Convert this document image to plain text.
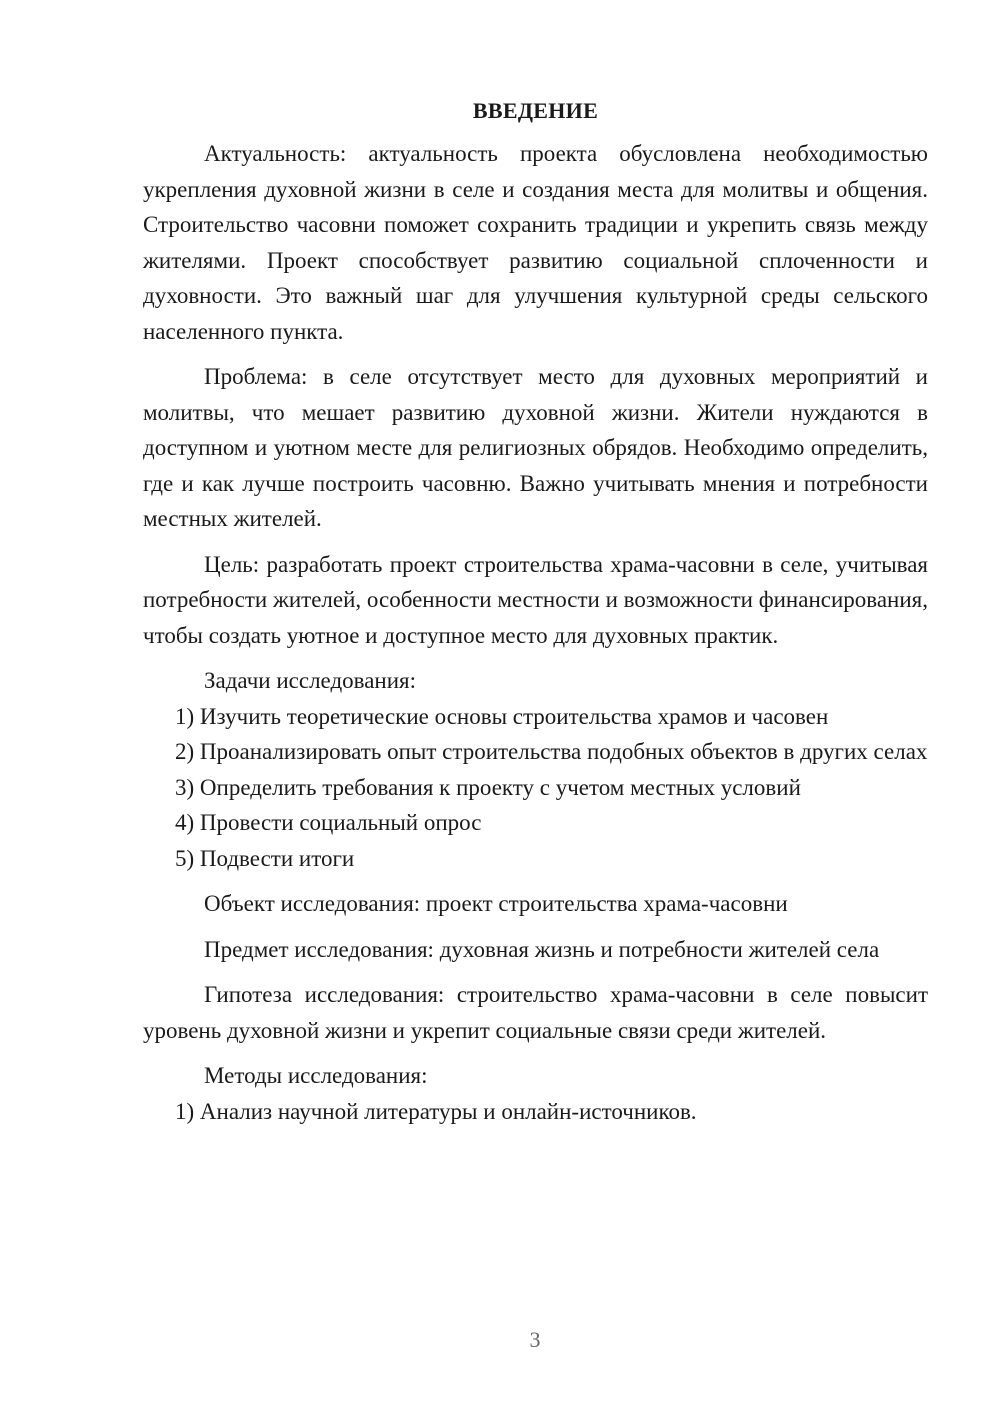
ВВЕДЕНИЕ

Актуальность: актуальность проекта обусловлена необходимостью укрепления духовной жизни в селе и создания места для молитвы и общения. Строительство часовни поможет сохранить традиции и укрепить связь между жителями. Проект способствует развитию социальной сплоченности и духовности. Это важный шаг для улучшения культурной среды сельского населенного пункта.

Проблема: в селе отсутствует место для духовных мероприятий и молитвы, что мешает развитию духовной жизни. Жители нуждаются в доступном и уютном месте для религиозных обрядов. Необходимо определить, где и как лучше построить часовню. Важно учитывать мнения и потребности местных жителей.

Цель: разработать проект строительства храма-часовни в селе, учитывая потребности жителей, особенности местности и возможности финансирования, чтобы создать уютное и доступное место для духовных практик.

Задачи исследования:

1) Изучить теоретические основы строительства храмов и часовен

2) Проанализировать опыт строительства подобных объектов в других селах

3) Определить требования к проекту с учетом местных условий

4) Провести социальный опрос

5) Подвести итоги

Объект исследования: проект строительства храма-часовни

Предмет исследования: духовная жизнь и потребности жителей села

Гипотеза исследования: строительство храма-часовни в селе повысит уровень духовной жизни и укрепит социальные связи среди жителей.

Методы исследования:

1) Анализ научной литературы и онлайн-источников.

3
